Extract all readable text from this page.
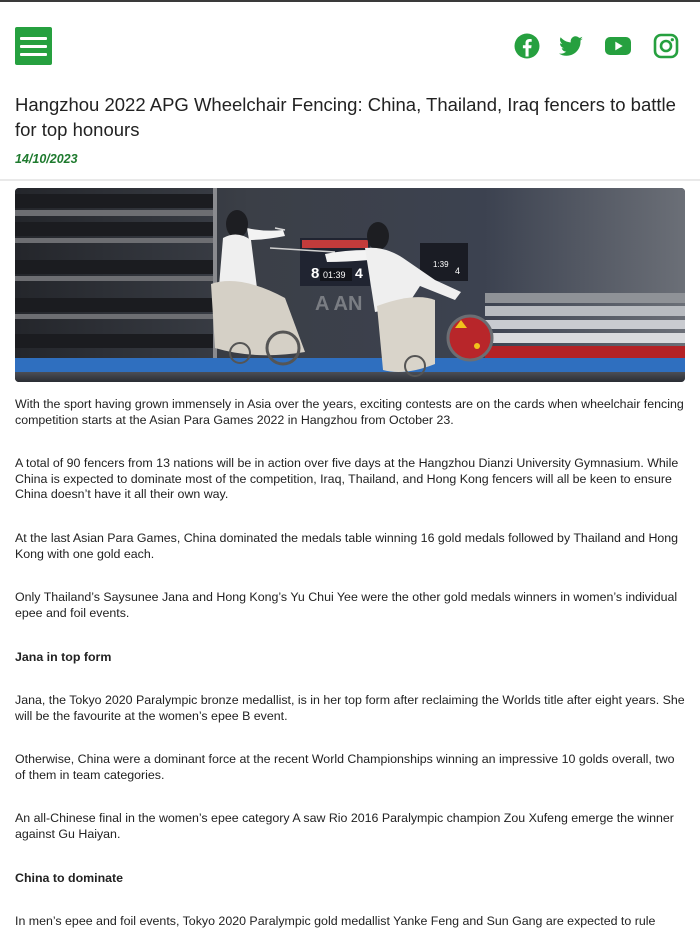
Hangzhou 2022 APG Wheelchair Fencing: China, Thailand, Iraq fencers to battle for top honours
14/10/2023
8 01:39 4
1:39
4
A AN

With the sport having grown immensely in Asia over the years, exciting contests are on the cards when wheelchair fencing competition starts at the Asian Para Games 2022 in Hangzhou from October 23.

A total of 90 fencers from 13 nations will be in action over five days at the Hangzhou Dianzi University Gymnasium. While China is expected to dominate most of the competition, Iraq, Thailand, and Hong Kong fencers will all be keen to ensure China doesn’t have it all their own way.

At the last Asian Para Games, China dominated the medals table winning 16 gold medals followed by Thailand and Hong Kong with one gold each.

Only Thailand’s Saysunee Jana and Hong Kong’s Yu Chui Yee were the other gold medals winners in women’s individual epee and foil events.

Jana in top form

Jana, the Tokyo 2020 Paralympic bronze medallist, is in her top form after reclaiming the Worlds title after eight years. She will be the favourite at the women’s epee B event.

Otherwise, China were a dominant force at the recent World Championships winning an impressive 10 golds overall, two of them in team categories.

An all-Chinese final in the women’s epee category A saw Rio 2016 Paralympic champion Zou Xufeng emerge the winner against Gu Haiyan.

China to dominate

In men’s epee and foil events, Tokyo 2020 Paralympic gold medallist Yanke Feng and Sun Gang are expected to rule
